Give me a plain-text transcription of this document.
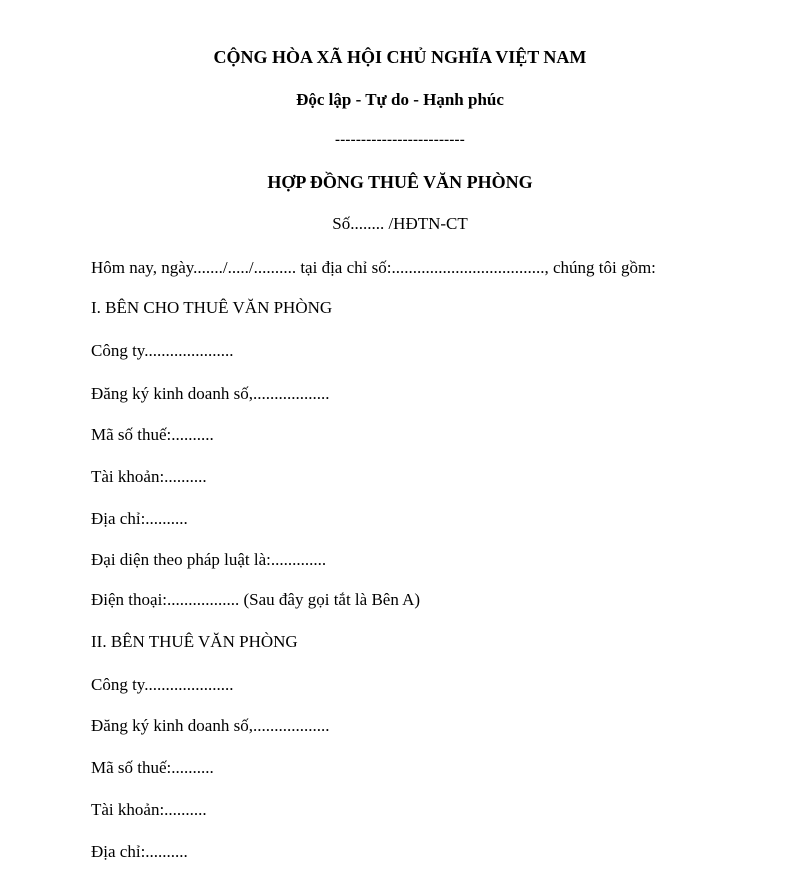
CỘNG HÒA XÃ HỘI CHỦ NGHĨA VIỆT NAM
Độc lập - Tự do - Hạnh phúc
-------------------------
HỢP ĐỒNG THUÊ VĂN PHÒNG
Số........ /HĐTN-CT
Hôm nay, ngày......./...../.......... tại địa chỉ số:...................................., chúng tôi gồm:
I. BÊN CHO THUÊ VĂN PHÒNG
Công ty.....................
Đăng ký kinh doanh số,..................
Mã số thuế:..........
Tài khoản:..........
Địa chỉ:..........
Đại diện theo pháp luật là:.............
Điện thoại:................. (Sau đây gọi tắt là Bên A)
II. BÊN THUÊ VĂN PHÒNG
Công ty.....................
Đăng ký kinh doanh số,..................
Mã số thuế:..........
Tài khoản:..........
Địa chỉ:..........
